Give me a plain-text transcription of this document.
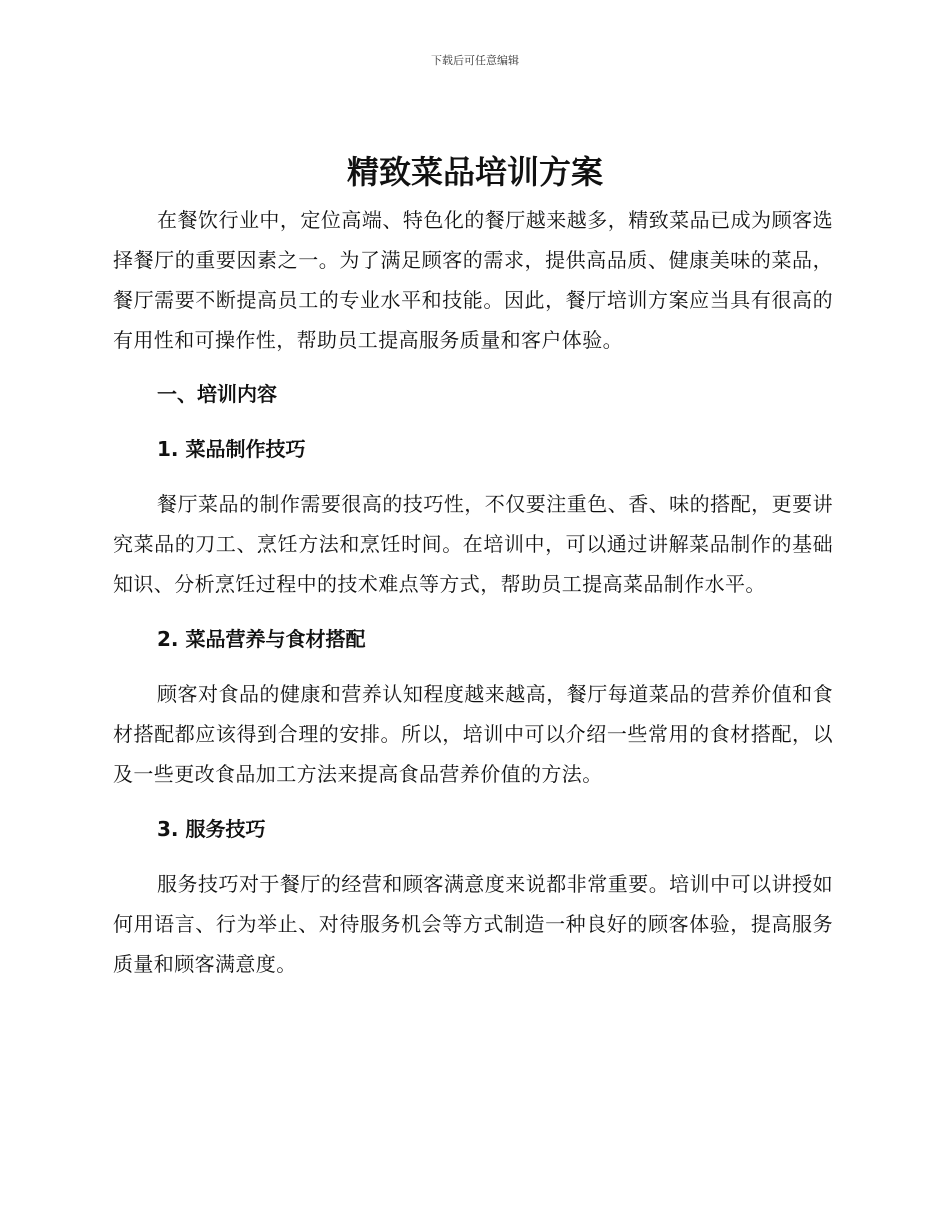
下载后可任意编辑
精致菜品培训方案

在餐饮行业中，定位高端、特色化的餐厅越来越多，精致菜品已成为顾客选择餐厅的重要因素之一。为了满足顾客的需求，提供高品质、健康美味的菜品，餐厅需要不断提高员工的专业水平和技能。因此，餐厅培训方案应当具有很高的有用性和可操作性，帮助员工提高服务质量和客户体验。

一、培训内容
1. 菜品制作技巧

餐厅菜品的制作需要很高的技巧性，不仅要注重色、香、味的搭配，更要讲究菜品的刀工、烹饪方法和烹饪时间。在培训中，可以通过讲解菜品制作的基础知识、分析烹饪过程中的技术难点等方式，帮助员工提高菜品制作水平。

2. 菜品营养与食材搭配

顾客对食品的健康和营养认知程度越来越高，餐厅每道菜品的营养价值和食材搭配都应该得到合理的安排。所以，培训中可以介绍一些常用的食材搭配，以及一些更改食品加工方法来提高食品营养价值的方法。

3. 服务技巧

服务技巧对于餐厅的经营和顾客满意度来说都非常重要。培训中可以讲授如何用语言、行为举止、对待服务机会等方式制造一种良好的顾客体验，提高服务质量和顾客满意度。
